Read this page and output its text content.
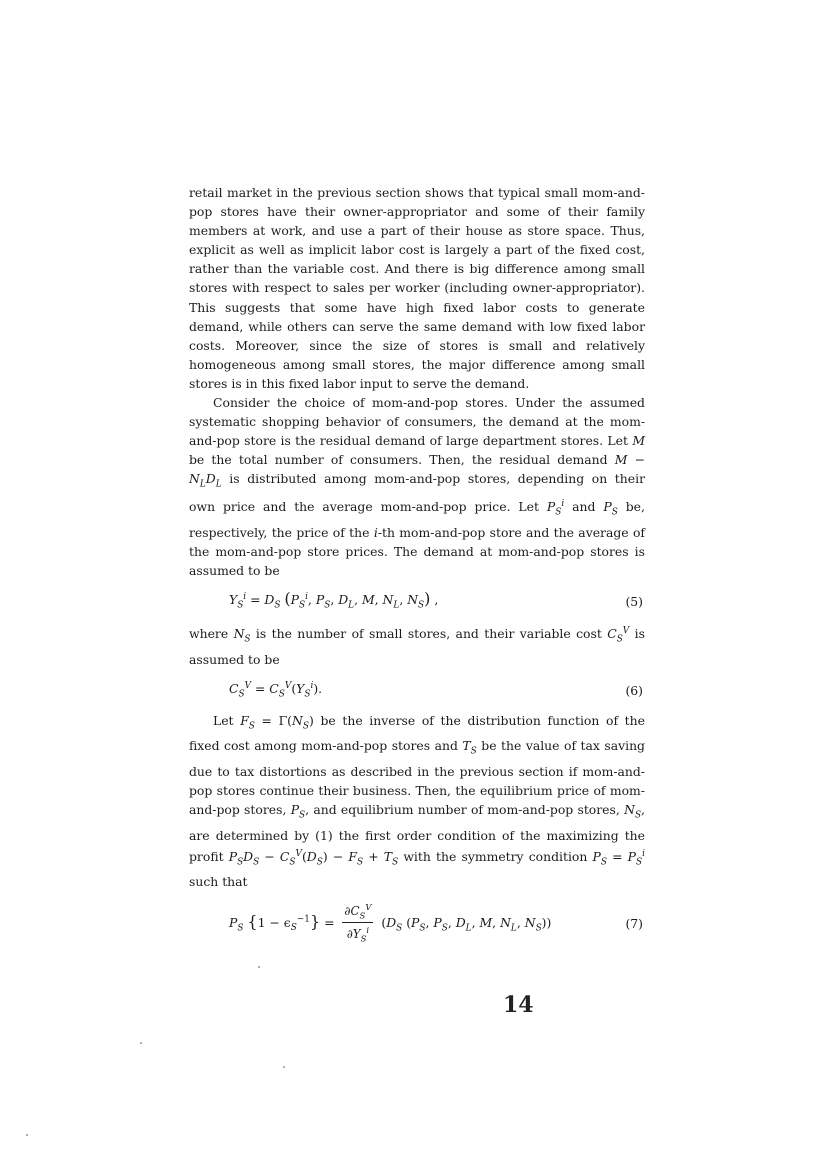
retail market in the previous section shows that typical small mom-and-pop stores have their owner-appropriator and some of their family members at work, and use a part of their house as store space. Thus, explicit as well as implicit labor cost is largely a part of the fixed cost, rather than the variable cost. And there is big difference among small stores with respect to sales per worker (including owner-appropriator). This suggests that some have high fixed labor costs to generate demand, while others can serve the same demand with low fixed labor costs. Moreover, since the size of stores is small and relatively homogeneous among small stores, the major difference among small stores is in this fixed labor input to serve the demand.

Consider the choice of mom-and-pop stores. Under the assumed systematic shopping behavior of consumers, the demand at the mom-and-pop store is the residual demand of large department stores. Let M be the total number of consumers. Then, the residual demand $M - N_LD_L$ is distributed among mom-and-pop stores, depending on their own price and the average mom-and-pop price. Let $P_S^i$ and $P_S$ be, respectively, the price of the i-th mom-and-pop store and the average of the mom-and-pop store prices. The demand at mom-and-pop stores is assumed to be

$Y_S^i = D_S$ ($P_S^i$, $P_S$, $D_L$, M, $N_L$, $N_S$) ,	(5)

where $N_S$ is the number of small stores, and their variable cost $C_S^V$ is assumed to be

$C_S^V = C_S^V(Y_S^i)$.	(6)

Let $F_S = \Gamma(N_S)$ be the inverse of the distribution function of the fixed cost among mom-and-pop stores and $T_S$ be the value of tax saving due to tax distortions as described in the previous section if mom-and-pop stores continue their business. Then, the equilibrium price of mom-and-pop stores, $P_S$, and equilibrium number of mom-and-pop stores, $N_S$, are determined by (1) the first order condition of the maximizing the profit $P_SD_S - C_S^V(D_S) - F_S + T_S$ with the symmetry condition $P_S = P_S^i$ such that

$P_S$ $\{1 - \epsilon_S^{-1}\} = \frac{\partial C_S^V}{\partial Y_S^i} (D_S$ ($P_S$, $P_S$, $D_L$, M, $N_L$, $N_S$))	(7)
14
